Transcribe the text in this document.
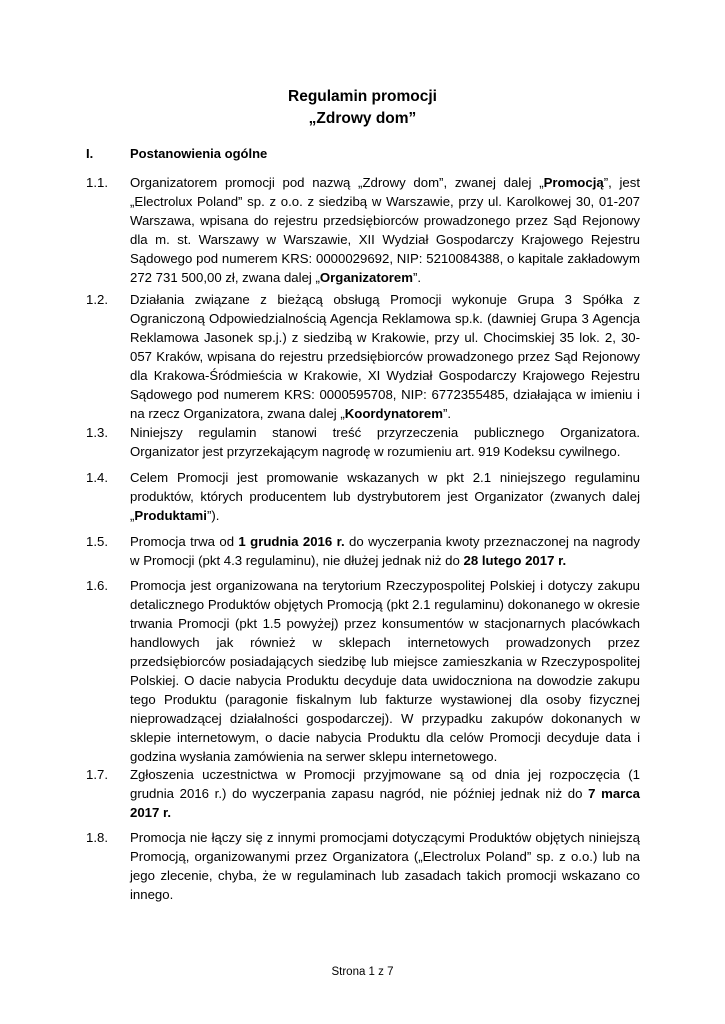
Regulamin promocji
„Zdrowy dom”
I.	Postanowienia ogólne
1.1. Organizatorem promocji pod nazwą „Zdrowy dom”, zwanej dalej „Promocją”, jest „Electrolux Poland” sp. z o.o. z siedzibą w Warszawie, przy ul. Karolkowej 30, 01-207 Warszawa, wpisana do rejestru przedsiębiorców prowadzonego przez Sąd Rejonowy dla m. st. Warszawy w Warszawie, XII Wydział Gospodarczy Krajowego Rejestru Sądowego pod numerem KRS: 0000029692, NIP: 5210084388, o kapitale zakładowym 272 731 500,00 zł, zwana dalej „Organizatorem”.
1.2. Działania związane z bieżącą obsługą Promocji wykonuje Grupa 3 Spółka z Ograniczoną Odpowiedzialnością Agencja Reklamowa sp.k. (dawniej Grupa 3 Agencja Reklamowa Jasonek sp.j.) z siedzibą w Krakowie, przy ul. Chocimskiej 35 lok. 2, 30-057 Kraków, wpisana do rejestru przedsiębiorców prowadzonego przez Sąd Rejonowy dla Krakowa-Śródmieścia w Krakowie, XI Wydział Gospodarczy Krajowego Rejestru Sądowego pod numerem KRS: 0000595708, NIP: 6772355485, działająca w imieniu i na rzecz Organizatora, zwana dalej „Koordynatorem”.
1.3. Niniejszy regulamin stanowi treść przyrzeczenia publicznego Organizatora. Organizator jest przyrzekającym nagrodę w rozumieniu art. 919 Kodeksu cywilnego.
1.4. Celem Promocji jest promowanie wskazanych w pkt 2.1 niniejszego regulaminu produktów, których producentem lub dystrybutorem jest Organizator (zwanych dalej „Produktami”).
1.5. Promocja trwa od 1 grudnia 2016 r. do wyczerpania kwoty przeznaczonej na nagrody w Promocji (pkt 4.3 regulaminu), nie dłużej jednak niż do 28 lutego 2017 r.
1.6. Promocja jest organizowana na terytorium Rzeczypospolitej Polskiej i dotyczy zakupu detalicznego Produktów objętych Promocją (pkt 2.1 regulaminu) dokonanego w okresie trwania Promocji (pkt 1.5 powyżej) przez konsumentów w stacjonarnych placówkach handlowych jak również w sklepach internetowych prowadzonych przez przedsiębiorców posiadających siedzibę lub miejsce zamieszkania w Rzeczypospolitej Polskiej. O dacie nabycia Produktu decyduje data uwidoczniona na dowodzie zakupu tego Produktu (paragonie fiskalnym lub fakturze wystawionej dla osoby fizycznej nieprowadzącej działalności gospodarczej). W przypadku zakupów dokonanych w sklepie internetowym, o dacie nabycia Produktu dla celów Promocji decyduje data i godzina wysłania zamówienia na serwer sklepu internetowego.
1.7. Zgłoszenia uczestnictwa w Promocji przyjmowane są od dnia jej rozpoczęcia (1 grudnia 2016 r.) do wyczerpania zapasu nagród, nie później jednak niż do 7 marca 2017 r.
1.8. Promocja nie łączy się z innymi promocjami dotyczącymi Produktów objętych niniejszą Promocją, organizowanymi przez Organizatora („Electrolux Poland” sp. z o.o.) lub na jego zlecenie, chyba, że w regulaminach lub zasadach takich promocji wskazano co innego.
Strona 1 z 7
